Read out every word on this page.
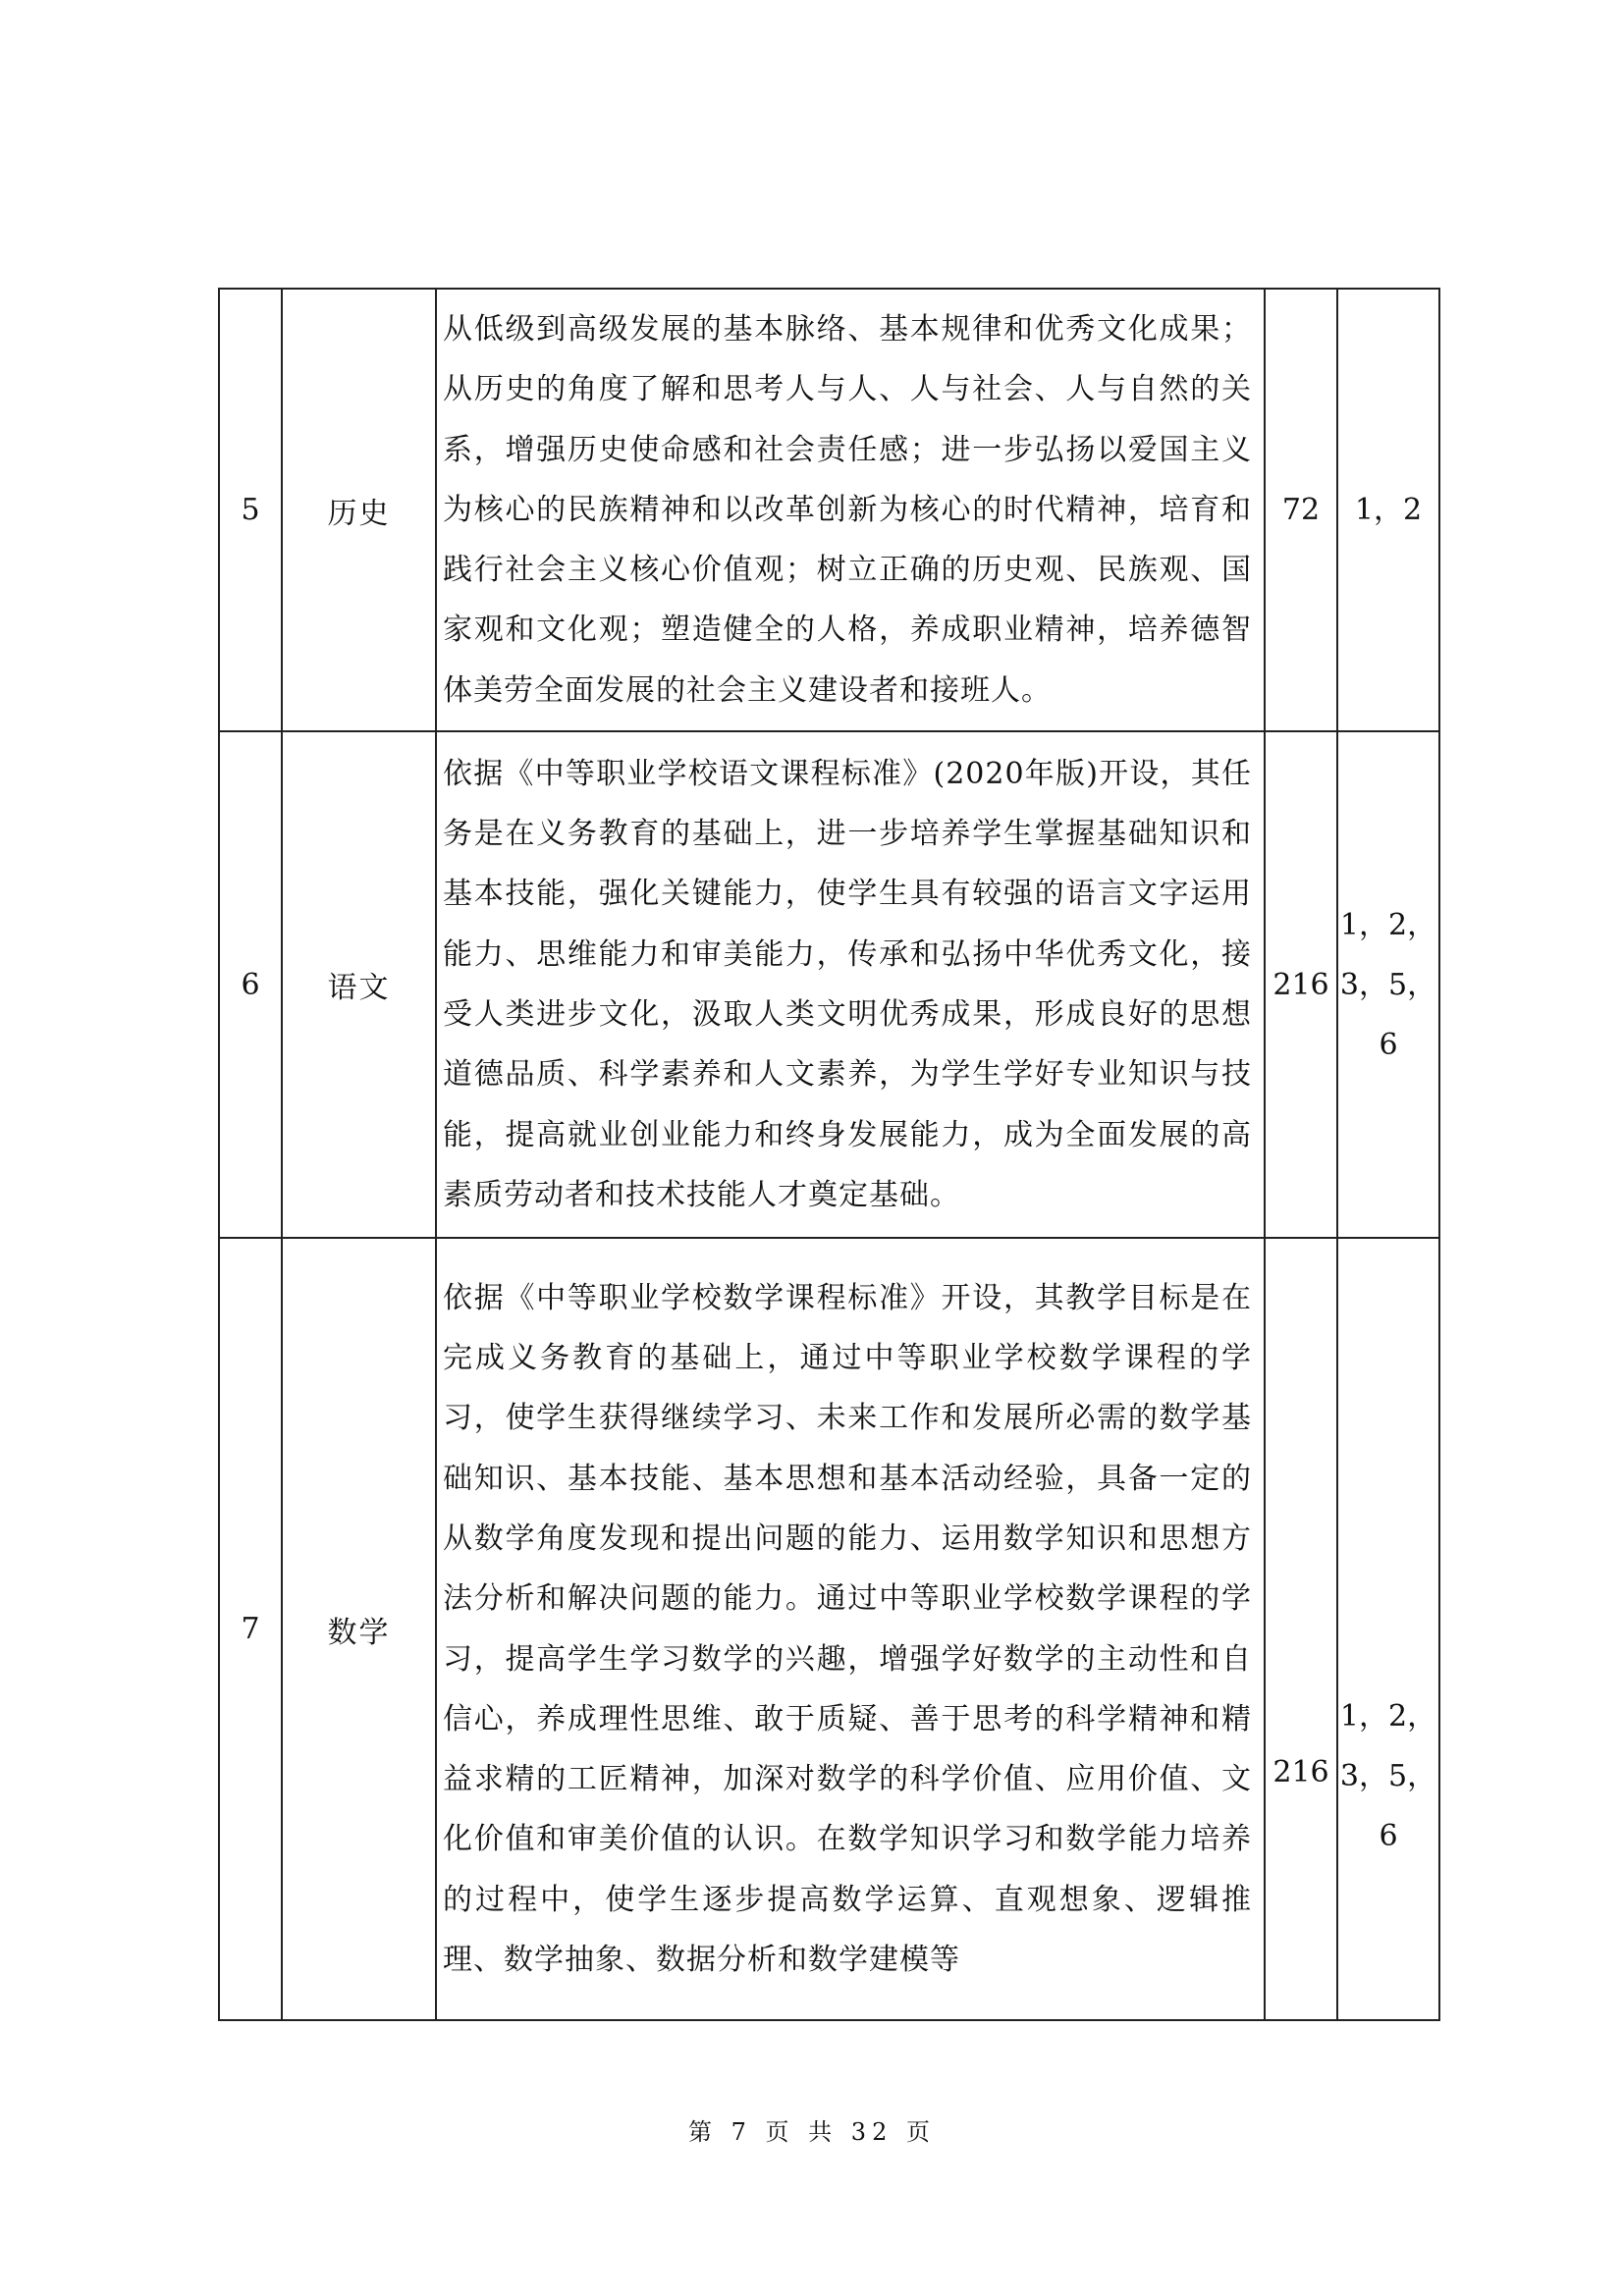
5	历史	从低级到高级发展的基本脉络、基本规律和优秀文化成果；从历史的角度了解和思考人与人、人与社会、人与自然的关系，增强历史使命感和社会责任感；进一步弘扬以爱国主义为核心的民族精神和以改革创新为核心的时代精神，培育和践行社会主义核心价值观；树立正确的历史观、民族观、国家观和文化观；塑造健全的人格，养成职业精神，培养德智体美劳全面发展的社会主义建设者和接班人。	72	1，2
6	语文	依据《中等职业学校语文课程标准》(2020年版)开设，其任务是在义务教育的基础上，进一步培养学生掌握基础知识和基本技能，强化关键能力，使学生具有较强的语言文字运用能力、思维能力和审美能力，传承和弘扬中华优秀文化，接受人类进步文化，汲取人类文明优秀成果，形成良好的思想道德品质、科学素养和人文素养，为学生学好专业知识与技能，提高就业创业能力和终身发展能力，成为全面发展的高素质劳动者和技术技能人才奠定基础。	216	1，2，3，5，6

7	数学	依据《中等职业学校数学课程标准》开设，其教学目标是在完成义务教育的基础上，通过中等职业学校数学课程的学习，使学生获得继续学习、未来工作和发展所必需的数学基础知识、基本技能、基本思想和基本活动经验，具备一定的从数学角度发现和提出问题的能力、运用数学知识和思想方法分析和解决问题的能力。通过中等职业学校数学课程的学习，提高学生学习数学的兴趣，增强学好数学的主动性和自信心，养成理性思维、敢于质疑、善于思考的科学精神和精益求精的工匠精神，加深对数学的科学价值、应用价值、文化价值和审美价值的认识。在数学知识学习和数学能力培养的过程中，使学生逐步提高数学运算、直观想象、逻辑推理、数学抽象、数据分析和数学建模等	216	1，2，3，5，6
第 7 页 共 32 页
